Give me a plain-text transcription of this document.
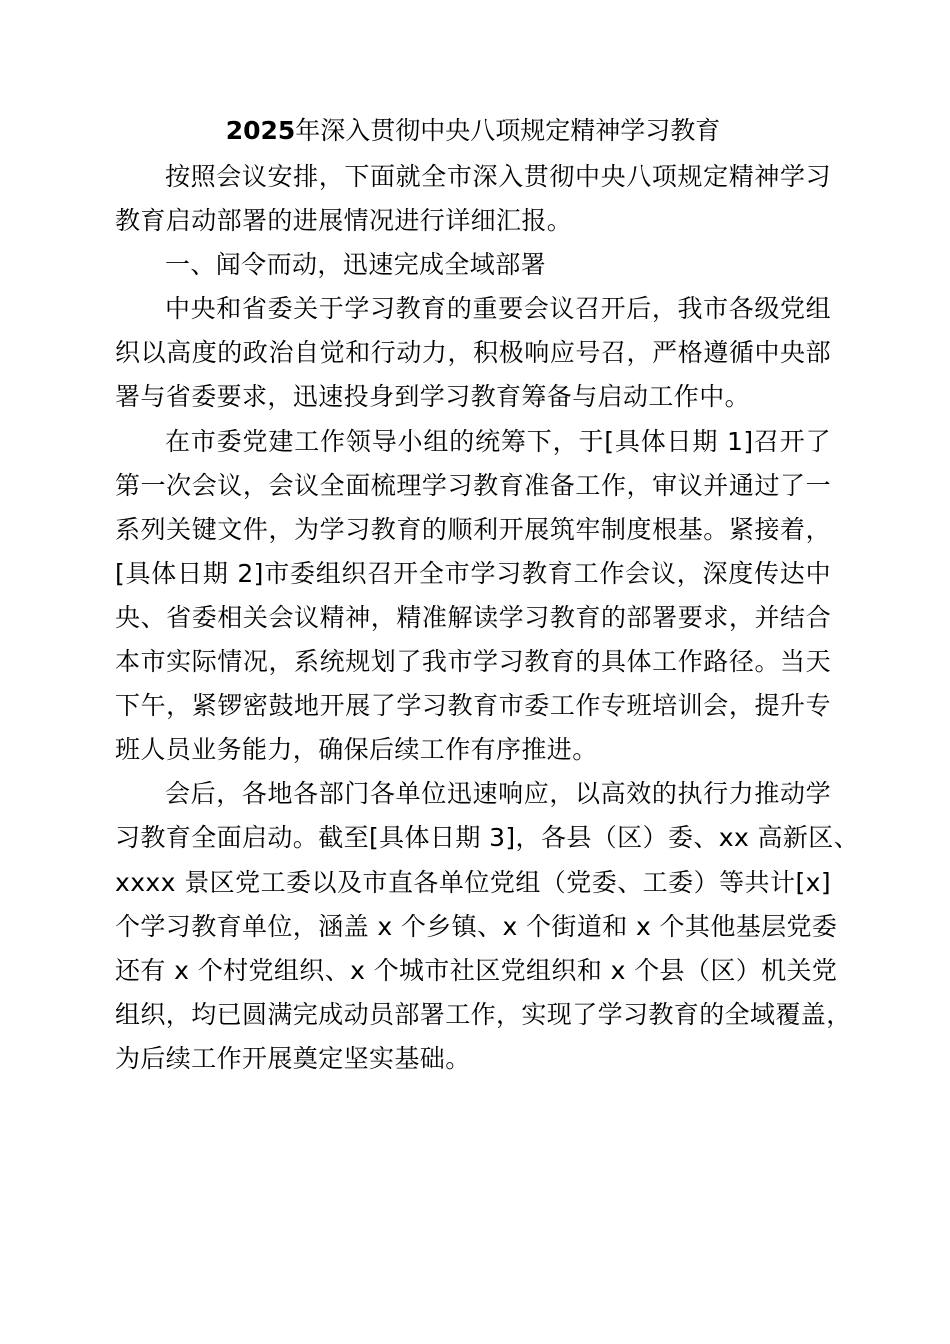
2025年深入贯彻中央八项规定精神学习教育
按照会议安排，下面就全市深入贯彻中央八项规定精神学习
教育启动部署的进展情况进行详细汇报。
一、闻令而动，迅速完成全域部署
中央和省委关于学习教育的重要会议召开后，我市各级党组
织以高度的政治自觉和行动力，积极响应号召，严格遵循中央部
署与省委要求，迅速投身到学习教育筹备与启动工作中。
在市委党建工作领导小组的统筹下，于[具体日期 1]召开了
第一次会议，会议全面梳理学习教育准备工作，审议并通过了一
系列关键文件，为学习教育的顺利开展筑牢制度根基。紧接着，
[具体日期 2]市委组织召开全市学习教育工作会议，深度传达中
央、省委相关会议精神，精准解读学习教育的部署要求，并结合
本市实际情况，系统规划了我市学习教育的具体工作路径。当天
下午，紧锣密鼓地开展了学习教育市委工作专班培训会，提升专
班人员业务能力，确保后续工作有序推进。
会后，各地各部门各单位迅速响应，以高效的执行力推动学
习教育全面启动。截至[具体日期 3]，各县（区）委、xx 高新区、
xxxx 景区党工委以及市直各单位党组（党委、工委）等共计[x]
个学习教育单位，涵盖 x 个乡镇、x 个街道和 x 个其他基层党委
还有 x 个村党组织、x 个城市社区党组织和 x 个县（区）机关党
组织，均已圆满完成动员部署工作，实现了学习教育的全域覆盖，
为后续工作开展奠定坚实基础。
